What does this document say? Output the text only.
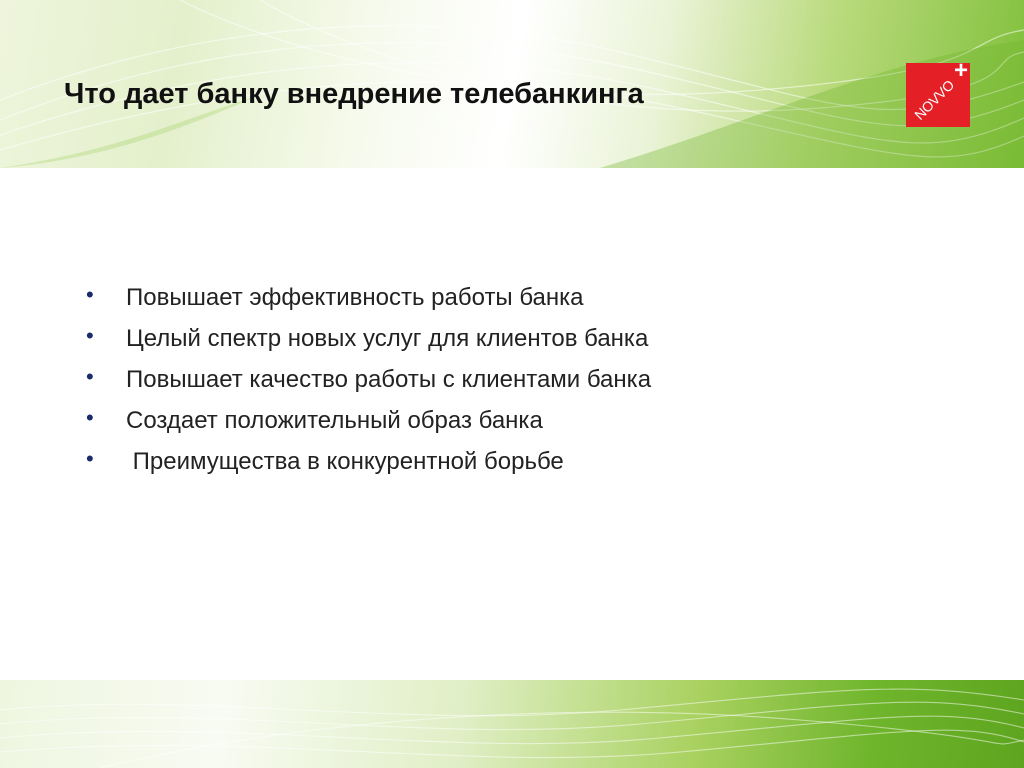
Что дает банку внедрение телебанкинга	NOVVO
+

•

Повышает эффективность работы банка

•

Целый спектр новых услуг для клиентов банка

•

Повышает качество работы с клиентами банка

•

Создает положительный образ банка

•

Преимущества в конкурентной борьбе
